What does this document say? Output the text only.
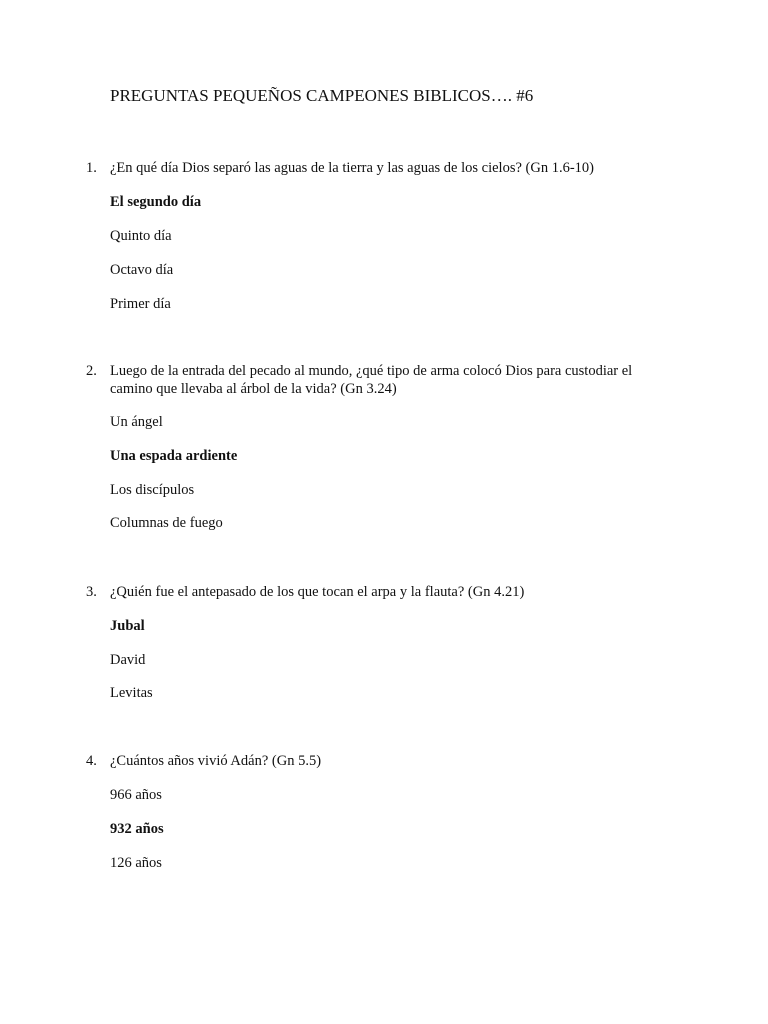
PREGUNTAS PEQUEÑOS CAMPEONES BIBLICOS…. #6
1. ¿En qué día Dios separó las aguas de la tierra y las aguas de los cielos? (Gn 1.6-10)
El segundo día
Quinto día
Octavo día
Primer día
2. Luego de la entrada del pecado al mundo, ¿qué tipo de arma colocó Dios para custodiar el camino que llevaba al árbol de la vida? (Gn 3.24)
Un ángel
Una espada ardiente
Los discípulos
Columnas de fuego
3. ¿Quién fue el antepasado de los que tocan el arpa y la flauta? (Gn 4.21)
Jubal
David
Levitas
4. ¿Cuántos años vivió Adán? (Gn 5.5)
966 años
932 años
126 años
